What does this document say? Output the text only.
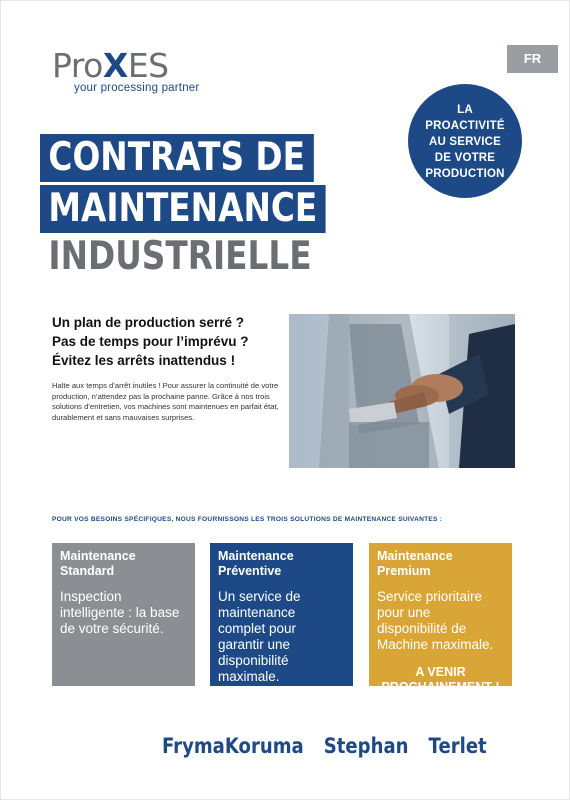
ProXES
your processing partner
FR
LA
PROACTIVITÉ
AU SERVICE
DE VOTRE
PRODUCTION
CONTRATS DE
MAINTENANCE
INDUSTRIELLE
Un plan de production serré ?
Pas de temps pour l’imprévu ?
Évitez les arrêts inattendus !
Halte aux temps d’arrêt inutiles ! Pour assurer la continuité de votre production, n’attendez pas la prochaine panne. Grâce à nos trois solutions d’entretien, vos machines sont maintenues en parfait état, durablement et sans mauvaises surprises.
POUR VOS BESOINS SPÉCIFIQUES, NOUS FOURNISSONS LES TROIS SOLUTIONS DE MAINTENANCE SUIVANTES :
Maintenance
Standard
Inspection intelligente : la base de votre sécurité.
Maintenance
Préventive
Un service de maintenance complet pour garantir une disponibilité maximale.
Maintenance
Premium
Service prioritaire pour une disponibilité de Machine maximale.
A VENIR PROCHAINEMENT !
FrymaKoruma Stephan Terlet
